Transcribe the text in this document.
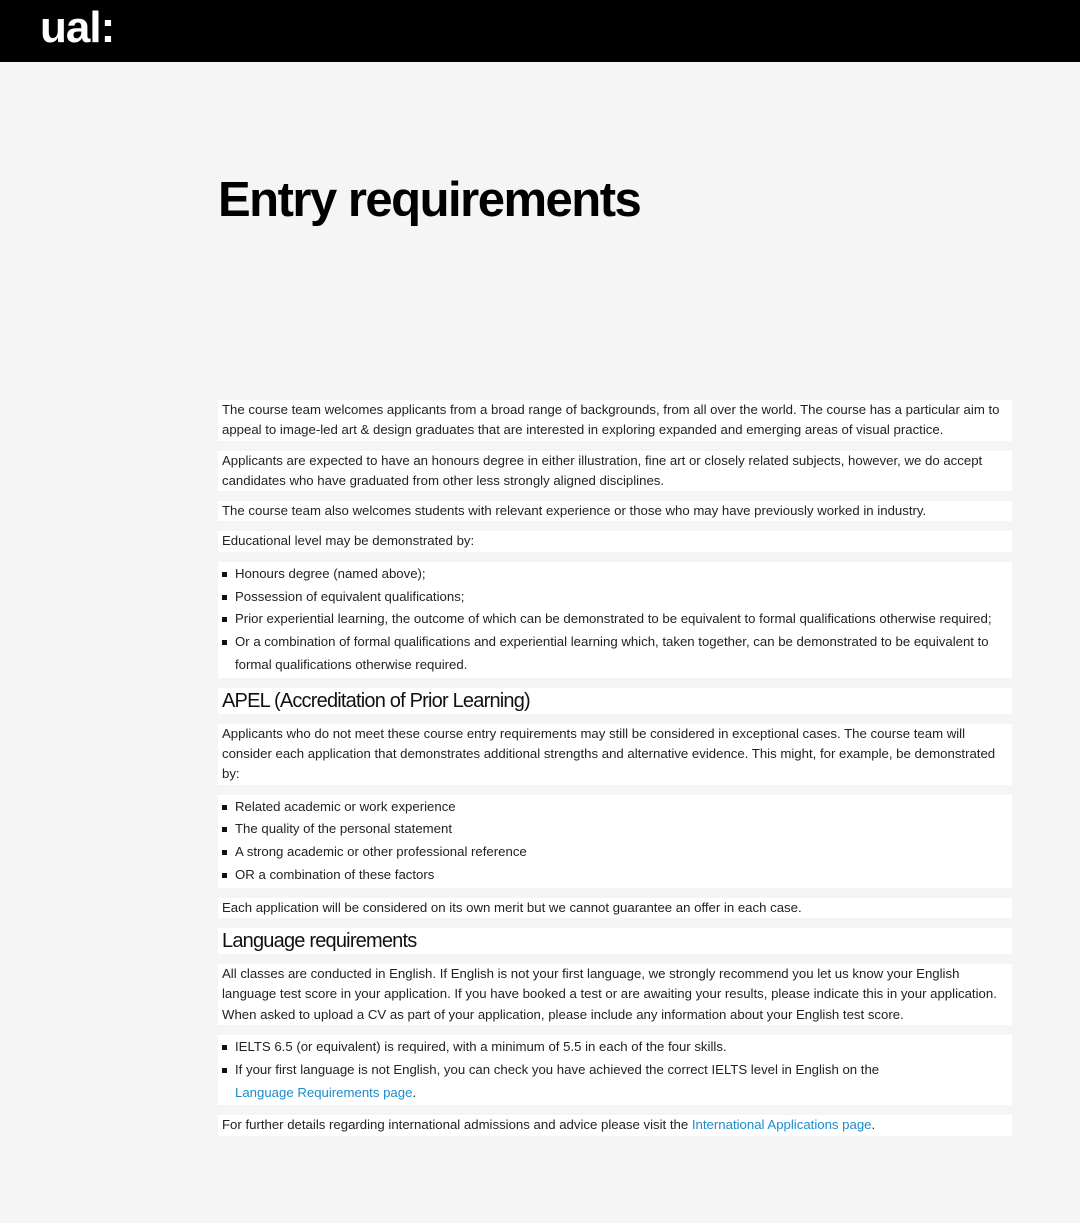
ual:
Entry requirements

The course team welcomes applicants from a broad range of backgrounds, from all over the world. The course has a particular aim to appeal to image-led art & design graduates that are interested in exploring expanded and emerging areas of visual practice.

Applicants are expected to have an honours degree in either illustration, fine art or closely related subjects, however, we do accept candidates who have graduated from other less strongly aligned disciplines.

The course team also welcomes students with relevant experience or those who may have previously worked in industry.

Educational level may be demonstrated by:

Honours degree (named above);
Possession of equivalent qualifications;
Prior experiential learning, the outcome of which can be demonstrated to be equivalent to formal qualifications otherwise required;
Or a combination of formal qualifications and experiential learning which, taken together, can be demonstrated to be equivalent to formal qualifications otherwise required.
APEL (Accreditation of Prior Learning)

Applicants who do not meet these course entry requirements may still be considered in exceptional cases. The course team will consider each application that demonstrates additional strengths and alternative evidence. This might, for example, be demonstrated by:

Related academic or work experience
The quality of the personal statement
A strong academic or other professional reference
OR a combination of these factors

Each application will be considered on its own merit but we cannot guarantee an offer in each case.

Language requirements

All classes are conducted in English. If English is not your first language, we strongly recommend you let us know your English language test score in your application. If you have booked a test or are awaiting your results, please indicate this in your application. When asked to upload a CV as part of your application, please include any information about your English test score.

IELTS 6.5 (or equivalent) is required, with a minimum of 5.5 in each of the four skills.
If your first language is not English, you can check you have achieved the correct IELTS level in English on the
Language Requirements page.

For further details regarding international admissions and advice please visit the International Applications page.
